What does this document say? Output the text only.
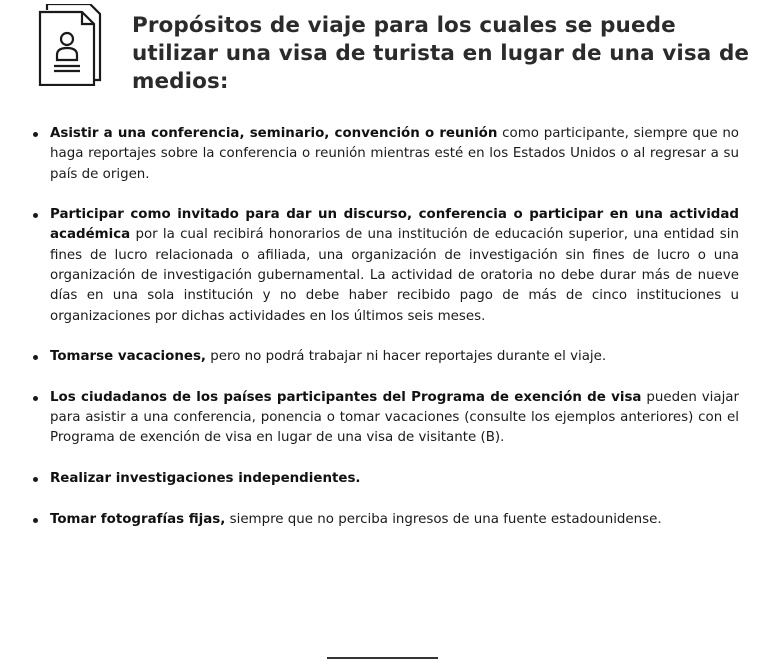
Propósitos de viaje para los cuales se puede utilizar una visa de turista en lugar de una visa de medios:
Asistir a una conferencia, seminario, convención o reunión como participante, siempre que no haga reportajes sobre la conferencia o reunión mientras esté en los Estados Unidos o al regresar a su país de origen.
Participar como invitado para dar un discurso, conferencia o participar en una actividad académica por la cual recibirá honorarios de una institución de educación superior, una entidad sin fines de lucro relacionada o afiliada, una organización de investigación sin fines de lucro o una organización de investigación gubernamental. La actividad de oratoria no debe durar más de nueve días en una sola institución y no debe haber recibido pago de más de cinco instituciones u organizaciones por dichas actividades en los últimos seis meses.
Tomarse vacaciones, pero no podrá trabajar ni hacer reportajes durante el viaje.
Los ciudadanos de los países participantes del Programa de exención de visa pueden viajar para asistir a una conferencia, ponencia o tomar vacaciones (consulte los ejemplos anteriores) con el Programa de exención de visa en lugar de una visa de visitante (B).
Realizar investigaciones independientes.
Tomar fotografías fijas, siempre que no perciba ingresos de una fuente estadounidense.
